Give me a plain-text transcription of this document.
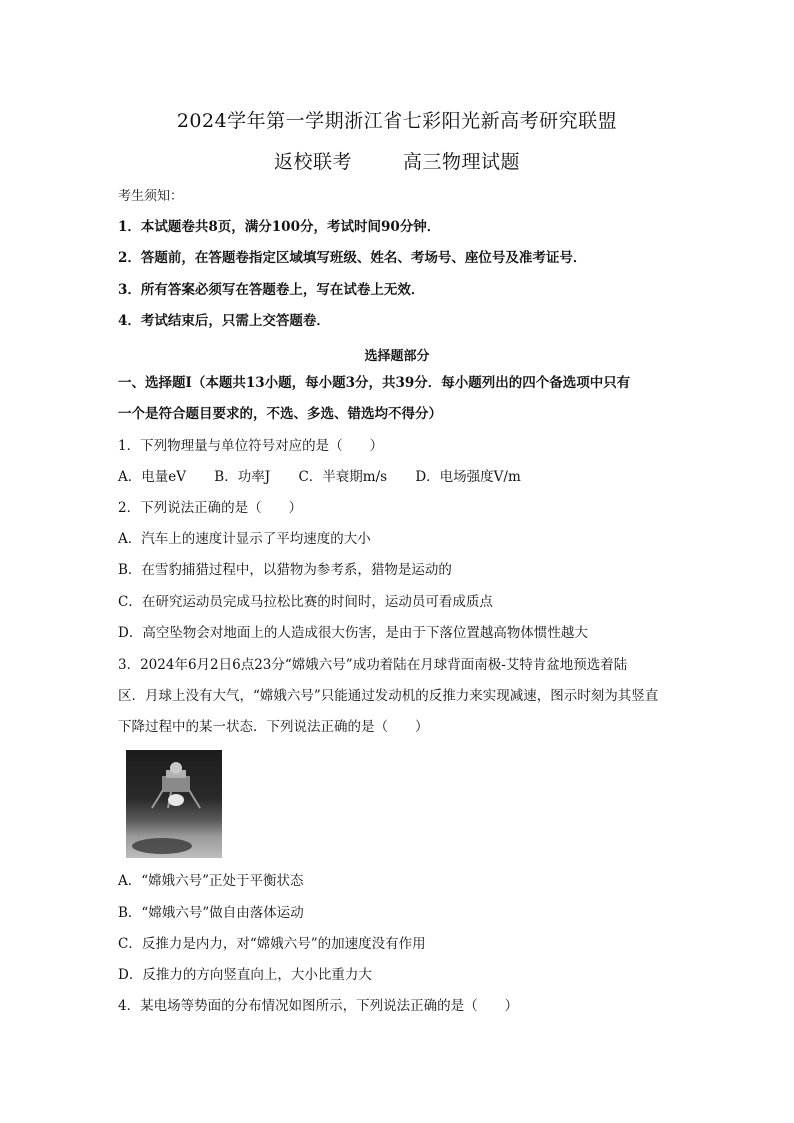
2024学年第一学期浙江省七彩阳光新高考研究联盟
返校联考	高三物理试题
考生须知：
1．本试题卷共8页，满分100分，考试时间90分钟．
2．答题前，在答题卷指定区域填写班级、姓名、考场号、座位号及准考证号．
3．所有答案必须写在答题卷上，写在试卷上无效．
4．考试结束后，只需上交答题卷．
选择题部分
一、选择题Ⅰ（本题共13小题，每小题3分，共39分．每小题列出的四个备选项中只有
一个是符合题目要求的，不选、多选、错选均不得分）
1．下列物理量与单位符号对应的是（　　）
A．电量eV B．功率J C．半衰期m/s D．电场强度V/m
2．下列说法正确的是（　　）
A．汽车上的速度计显示了平均速度的大小
B．在雪豹捕猎过程中，以猎物为参考系，猎物是运动的
C．在研究运动员完成马拉松比赛的时间时，运动员可看成质点
D．高空坠物会对地面上的人造成很大伤害，是由于下落位置越高物体惯性越大
3．2024年6月2日6点23分“嫦娥六号”成功着陆在月球背面南极-艾特肯盆地预选着陆
区．月球上没有大气，“嫦娥六号”只能通过发动机的反推力来实现减速，图示时刻为其竖直
下降过程中的某一状态．下列说法正确的是（　　）
A．“嫦娥六号”正处于平衡状态
B．“嫦娥六号”做自由落体运动
C．反推力是内力，对“嫦娥六号”的加速度没有作用
D．反推力的方向竖直向上，大小比重力大
4．某电场等势面的分布情况如图所示，下列说法正确的是（　　）
